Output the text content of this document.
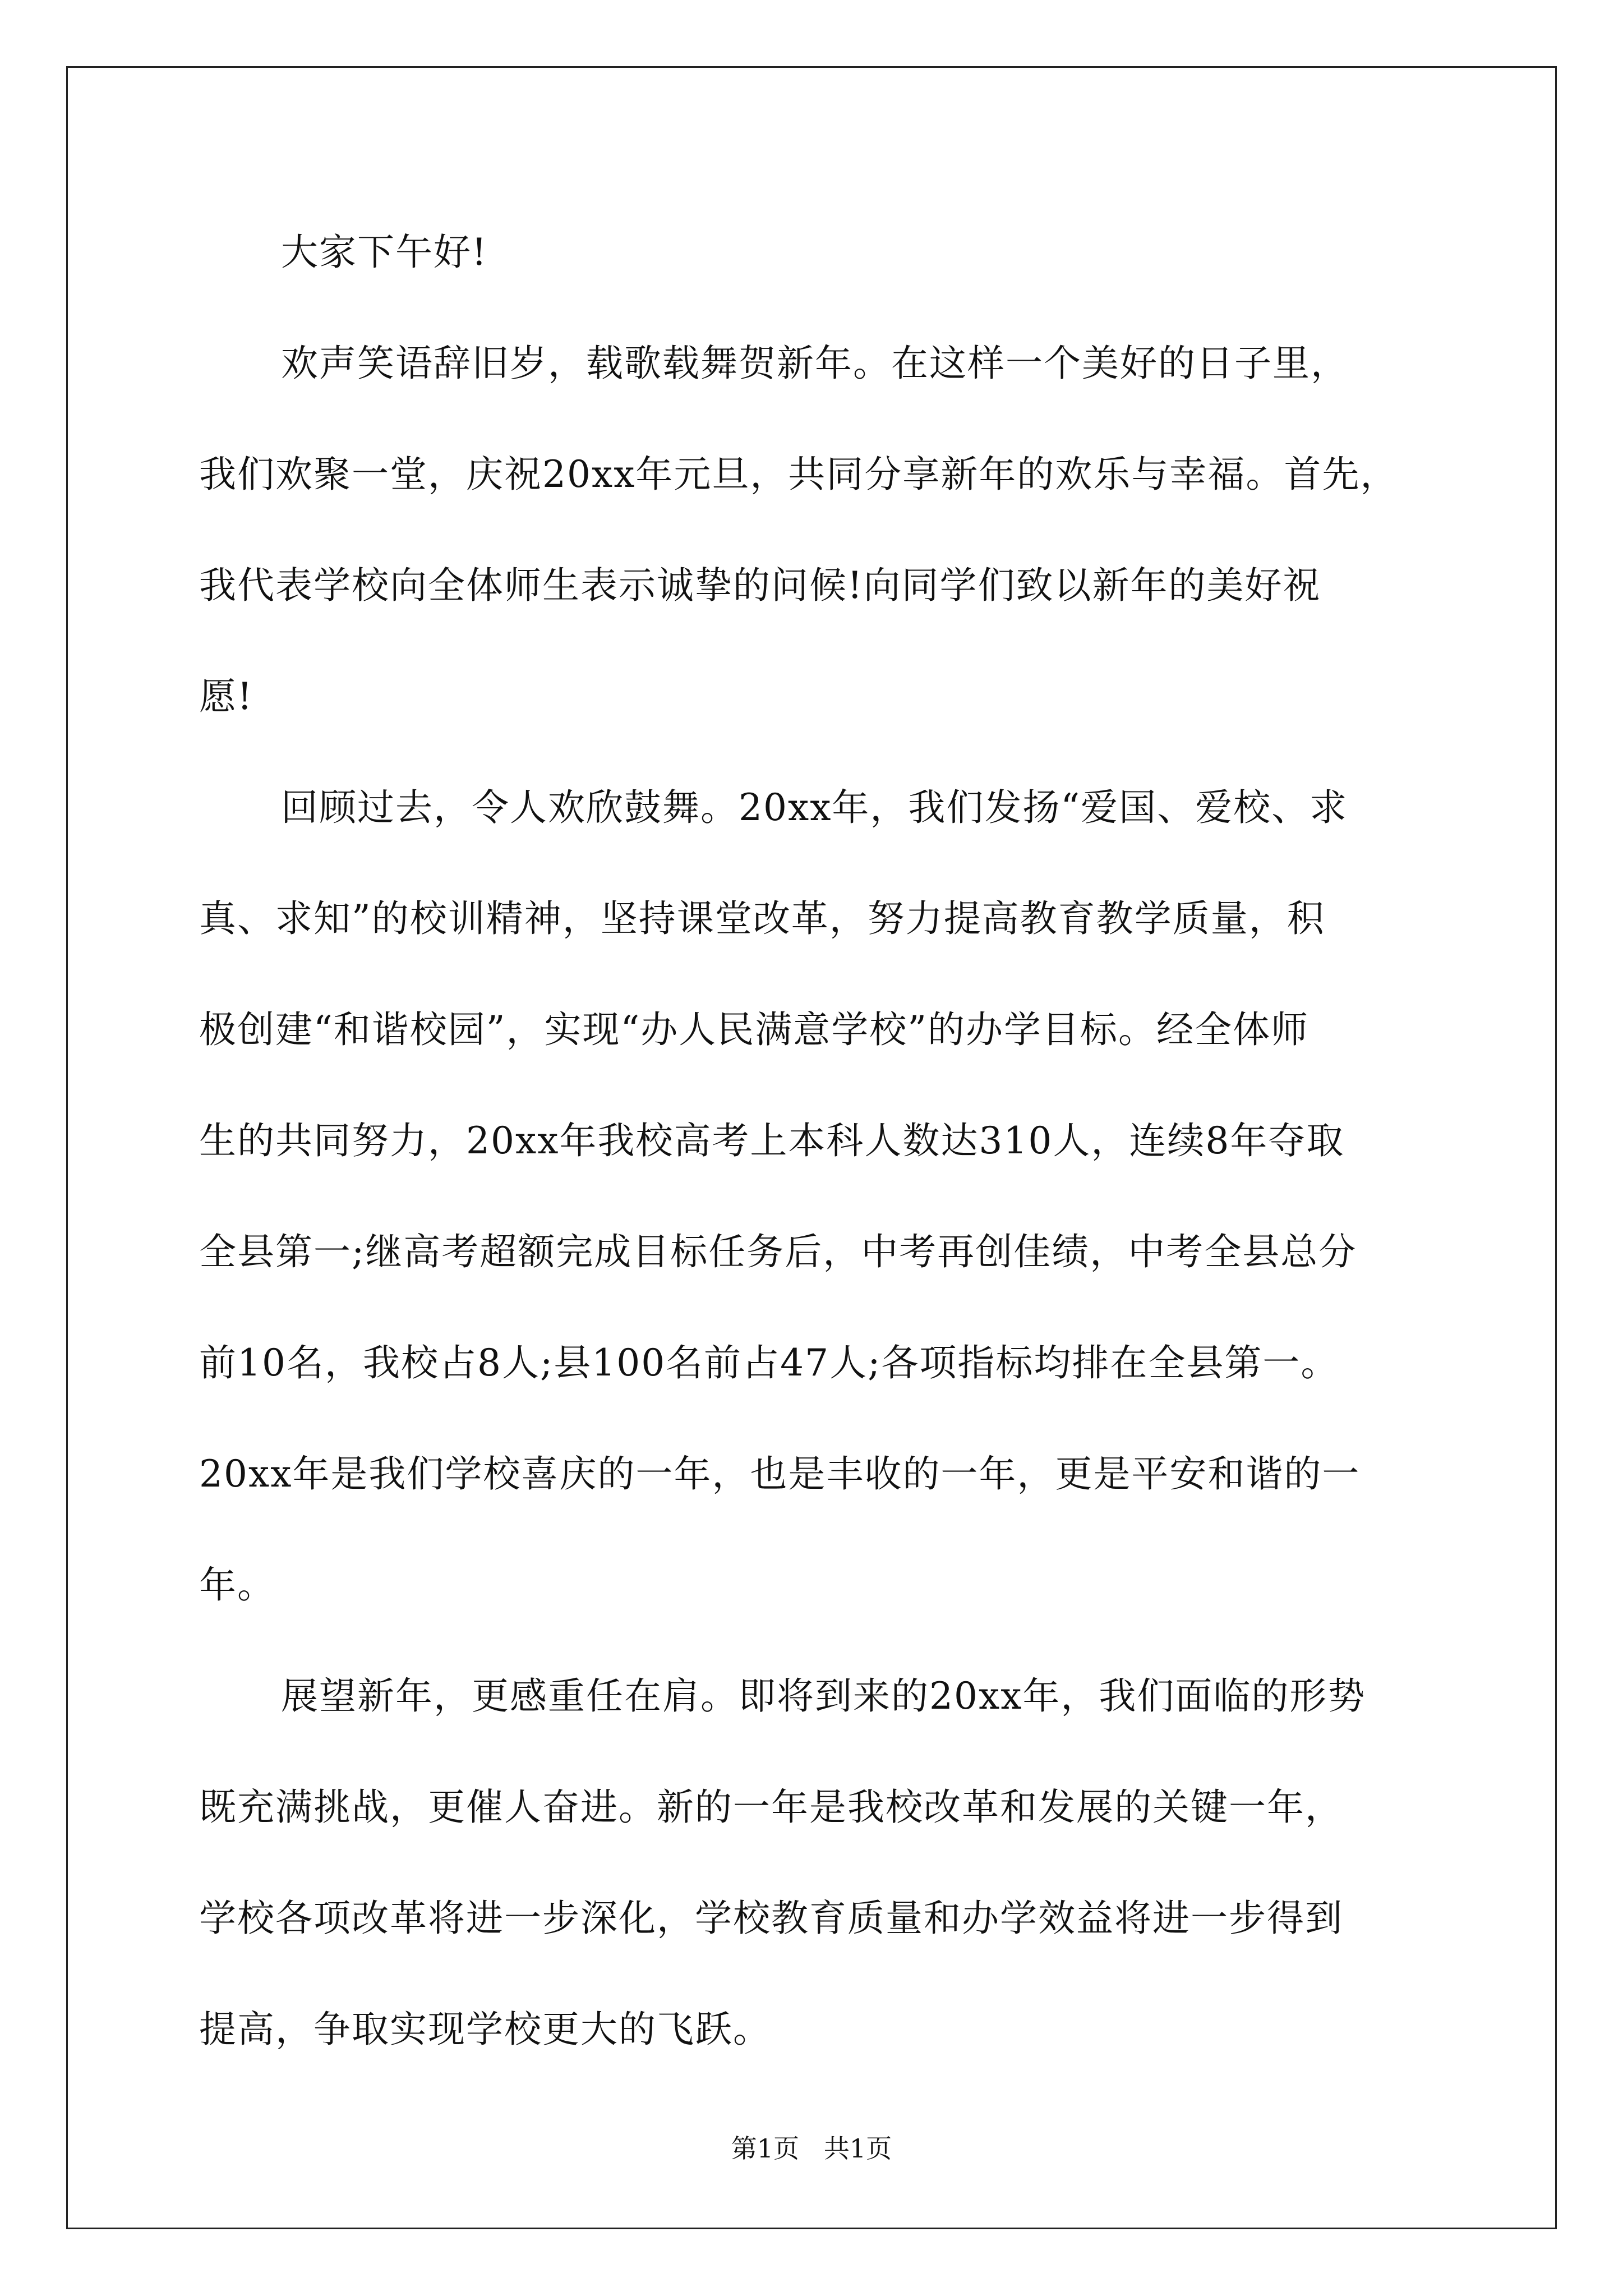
大家下午好!
欢声笑语辞旧岁，载歌载舞贺新年。在这样一个美好的日子里，
我们欢聚一堂，庆祝20xx年元旦，共同分享新年的欢乐与幸福。首先，
我代表学校向全体师生表示诚挚的问候!向同学们致以新年的美好祝
愿!
回顾过去，令人欢欣鼓舞。20xx年，我们发扬“爱国、爱校、求
真、求知”的校训精神，坚持课堂改革，努力提高教育教学质量，积
极创建“和谐校园”，实现“办人民满意学校”的办学目标。经全体师
生的共同努力，20xx年我校高考上本科人数达310人，连续8年夺取
全县第一;继高考超额完成目标任务后，中考再创佳绩，中考全县总分
前10名，我校占8人;县100名前占47人;各项指标均排在全县第一。
20xx年是我们学校喜庆的一年，也是丰收的一年，更是平安和谐的一
年。
展望新年，更感重任在肩。即将到来的20xx年，我们面临的形势
既充满挑战，更催人奋进。新的一年是我校改革和发展的关键一年，
学校各项改革将进一步深化，学校教育质量和办学效益将进一步得到
提高，争取实现学校更大的飞跃。
第1页   共1页
